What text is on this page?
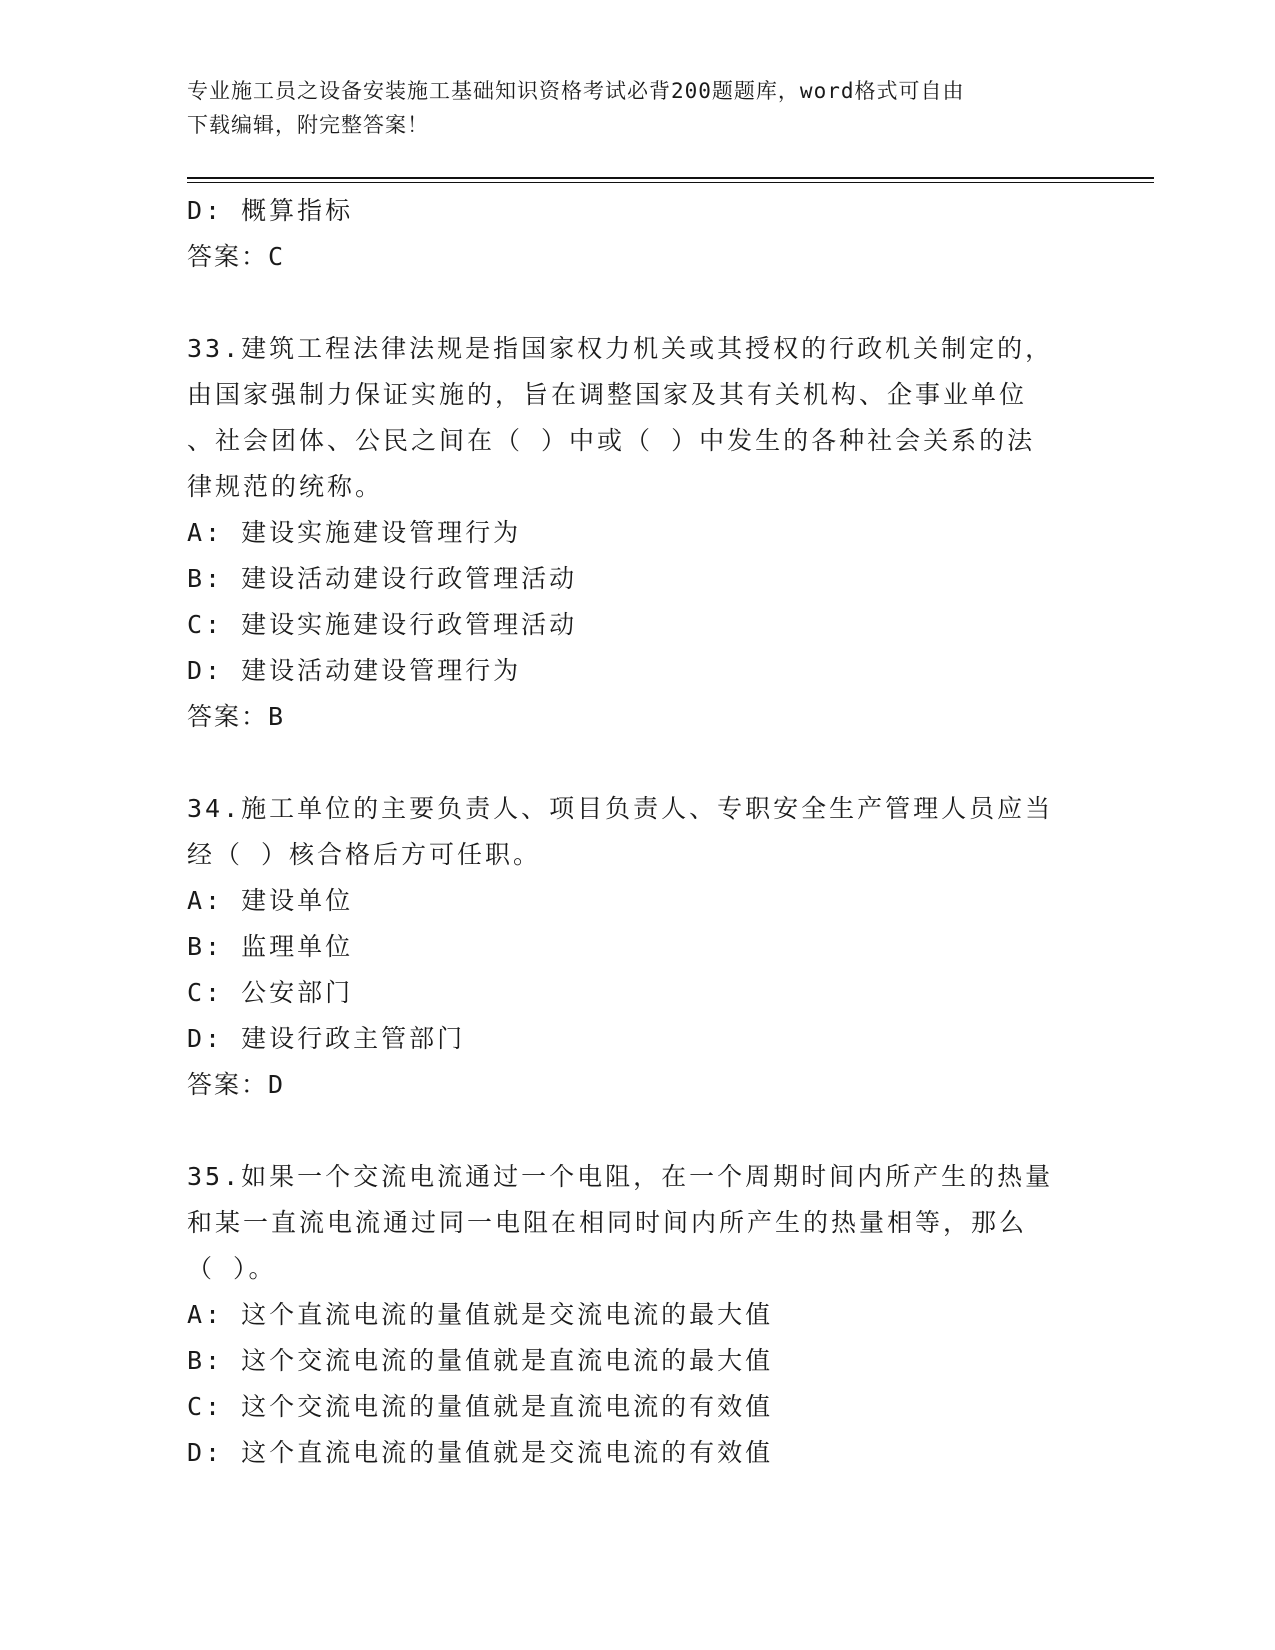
专业施工员之设备安装施工基础知识资格考试必背200题题库，word格式可自由
下载编辑，附完整答案！
D: 概算指标
答案：C
33.建筑工程法律法规是指国家权力机关或其授权的行政机关制定的，
由国家强制力保证实施的，旨在调整国家及其有关机构、企事业单位
、社会团体、公民之间在（ ）中或（ ）中发生的各种社会关系的法
律规范的统称。
A: 建设实施建设管理行为
B: 建设活动建设行政管理活动
C: 建设实施建设行政管理活动
D: 建设活动建设管理行为
答案：B
34.施工单位的主要负责人、项目负责人、专职安全生产管理人员应当
经（ ）核合格后方可任职。
A: 建设单位
B: 监理单位
C: 公安部门
D: 建设行政主管部门
答案：D
35.如果一个交流电流通过一个电阻，在一个周期时间内所产生的热量
和某一直流电流通过同一电阻在相同时间内所产生的热量相等，那么
（ ）。
A: 这个直流电流的量值就是交流电流的最大值
B: 这个交流电流的量值就是直流电流的最大值
C: 这个交流电流的量值就是直流电流的有效值
D: 这个直流电流的量值就是交流电流的有效值
